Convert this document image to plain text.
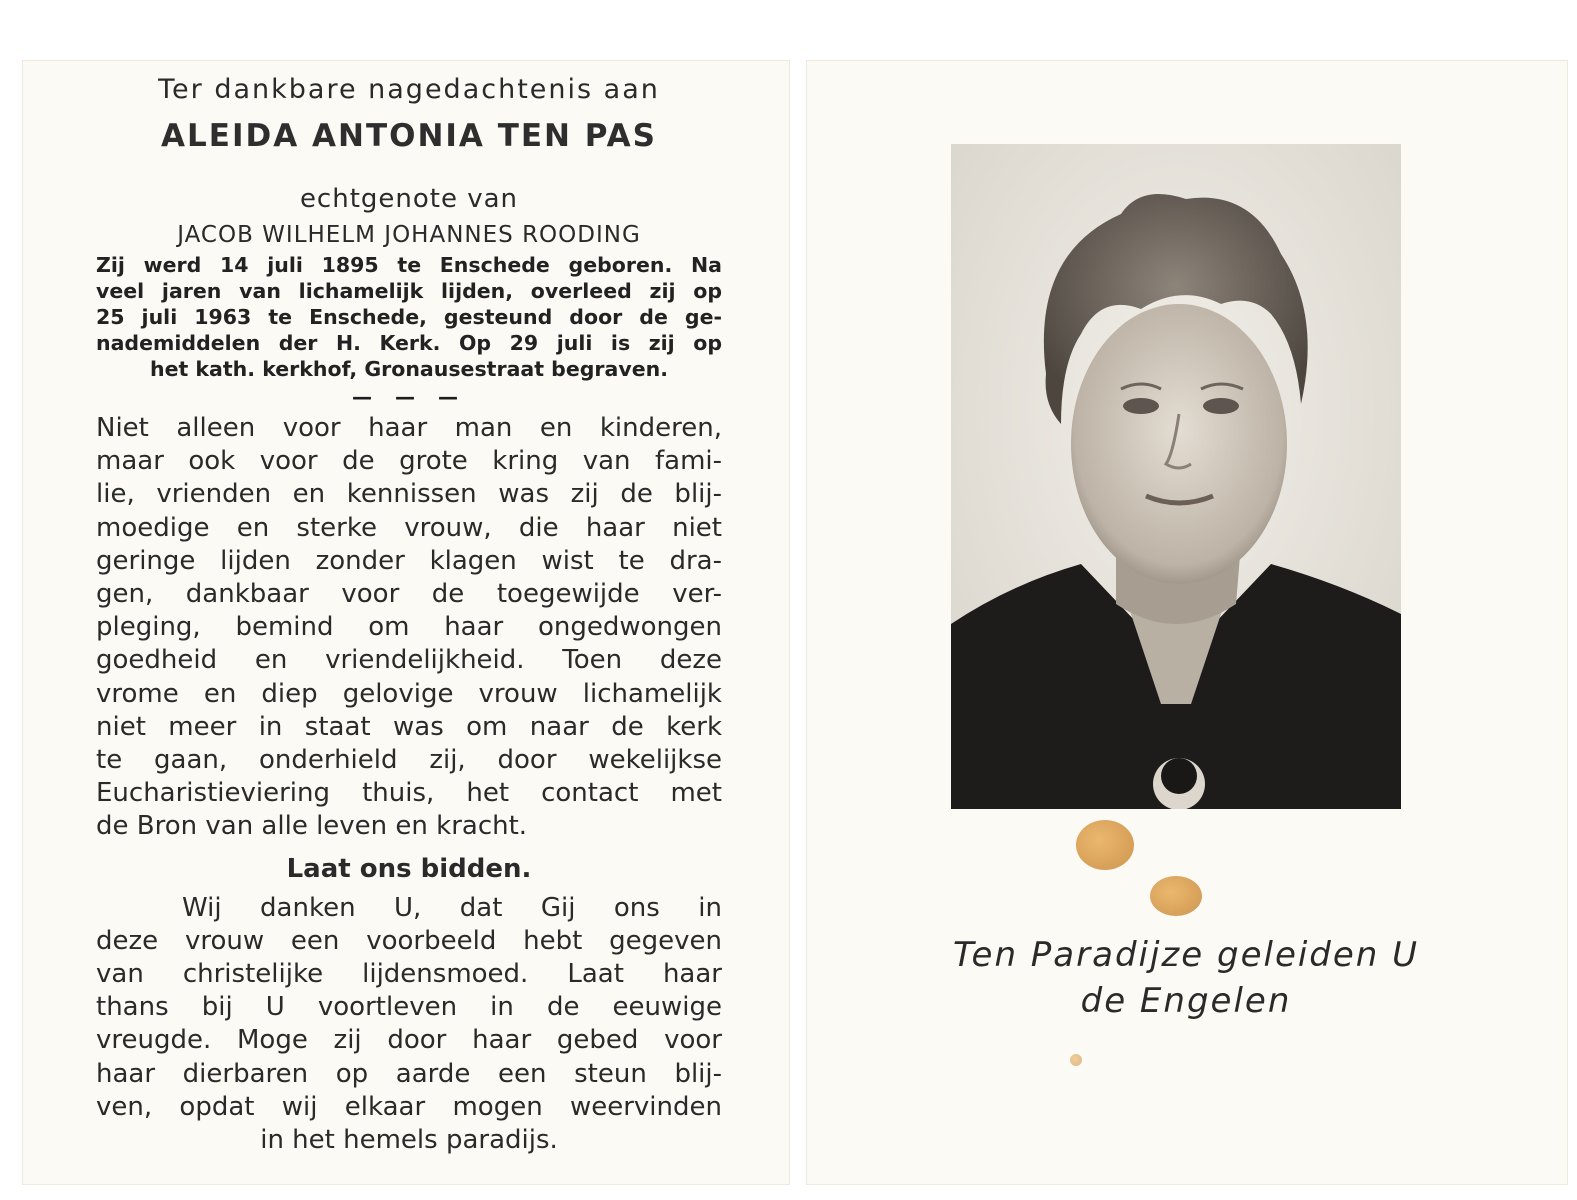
Ter dankbare nagedachtenis aan

ALEIDA ANTONIA TEN PAS

echtgenote van

JACOB WILHELM JOHANNES ROODING

Zij werd 14 juli 1895 te Enschede geboren. Na
veel jaren van lichamelijk lijden, overleed zij op
25 juli 1963 te Enschede, gesteund door de ge-
nademiddelen der H. Kerk. Op 29 juli is zij op
het kath. kerkhof, Gronausestraat begraven.

— — —

Niet alleen voor haar man en kinderen,
maar ook voor de grote kring van fami-
lie, vrienden en kennissen was zij de blij-
moedige en sterke vrouw, die haar niet
geringe lijden zonder klagen wist te dra-
gen, dankbaar voor de toegewijde ver-
pleging, bemind om haar ongedwongen
goedheid en vriendelijkheid. Toen deze
vrome en diep gelovige vrouw lichamelijk
niet meer in staat was om naar de kerk
te gaan, onderhield zij, door wekelijkse
Eucharistieviering thuis, het contact met
de Bron van alle leven en kracht.

Laat ons bidden.

Wij danken U, dat Gij ons in
deze vrouw een voorbeeld hebt gegeven
van christelijke lijdensmoed. Laat haar
thans bij U voortleven in de eeuwige
vreugde. Moge zij door haar gebed voor
haar dierbaren op aarde een steun blij-
ven, opdat wij elkaar mogen weervinden
in het hemels paradijs.
Ten Paradijze geleiden U
de Engelen
